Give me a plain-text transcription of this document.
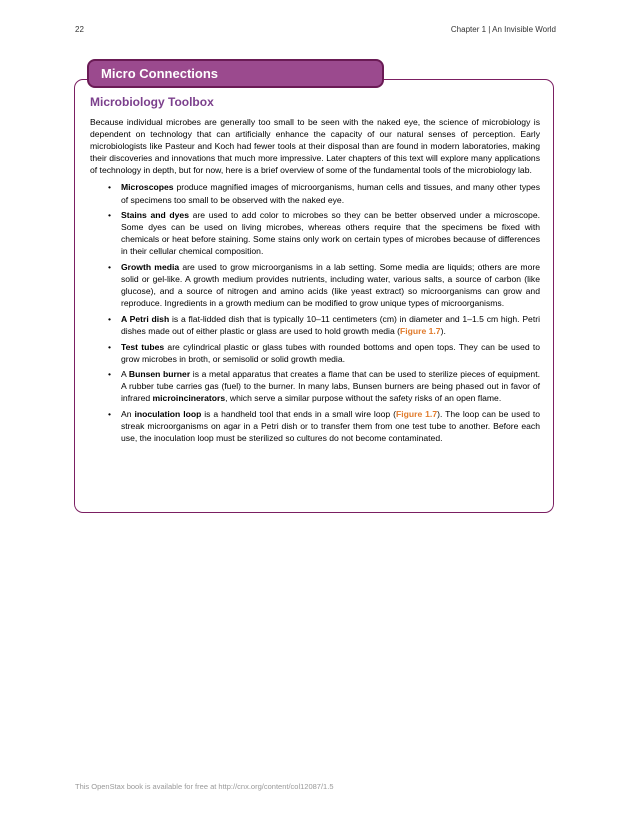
22	Chapter 1 | An Invisible World
Micro Connections
Microbiology Toolbox

Because individual microbes are generally too small to be seen with the naked eye, the science of microbiology is dependent on technology that can artificially enhance the capacity of our natural senses of perception. Early microbiologists like Pasteur and Koch had fewer tools at their disposal than are found in modern laboratories, making their discoveries and innovations that much more impressive. Later chapters of this text will explore many applications of technology in depth, but for now, here is a brief overview of some of the fundamental tools of the microbiology lab.

• Microscopes produce magnified images of microorganisms, human cells and tissues, and many other types of specimens too small to be observed with the naked eye.
• Stains and dyes are used to add color to microbes so they can be better observed under a microscope. Some dyes can be used on living microbes, whereas others require that the specimens be fixed with chemicals or heat before staining. Some stains only work on certain types of microbes because of differences in their cellular chemical composition.
• Growth media are used to grow microorganisms in a lab setting. Some media are liquids; others are more solid or gel-like. A growth medium provides nutrients, including water, various salts, a source of carbon (like glucose), and a source of nitrogen and amino acids (like yeast extract) so microorganisms can grow and reproduce. Ingredients in a growth medium can be modified to grow unique types of microorganisms.
• A Petri dish is a flat-lidded dish that is typically 10–11 centimeters (cm) in diameter and 1–1.5 cm high. Petri dishes made out of either plastic or glass are used to hold growth media (Figure 1.7).
• Test tubes are cylindrical plastic or glass tubes with rounded bottoms and open tops. They can be used to grow microbes in broth, or semisolid or solid growth media.
• A Bunsen burner is a metal apparatus that creates a flame that can be used to sterilize pieces of equipment. A rubber tube carries gas (fuel) to the burner. In many labs, Bunsen burners are being phased out in favor of infrared microincinerators, which serve a similar purpose without the safety risks of an open flame.
• An inoculation loop is a handheld tool that ends in a small wire loop (Figure 1.7). The loop can be used to streak microorganisms on agar in a Petri dish or to transfer them from one test tube to another. Before each use, the inoculation loop must be sterilized so cultures do not become contaminated.
This OpenStax book is available for free at http://cnx.org/content/col12087/1.5
